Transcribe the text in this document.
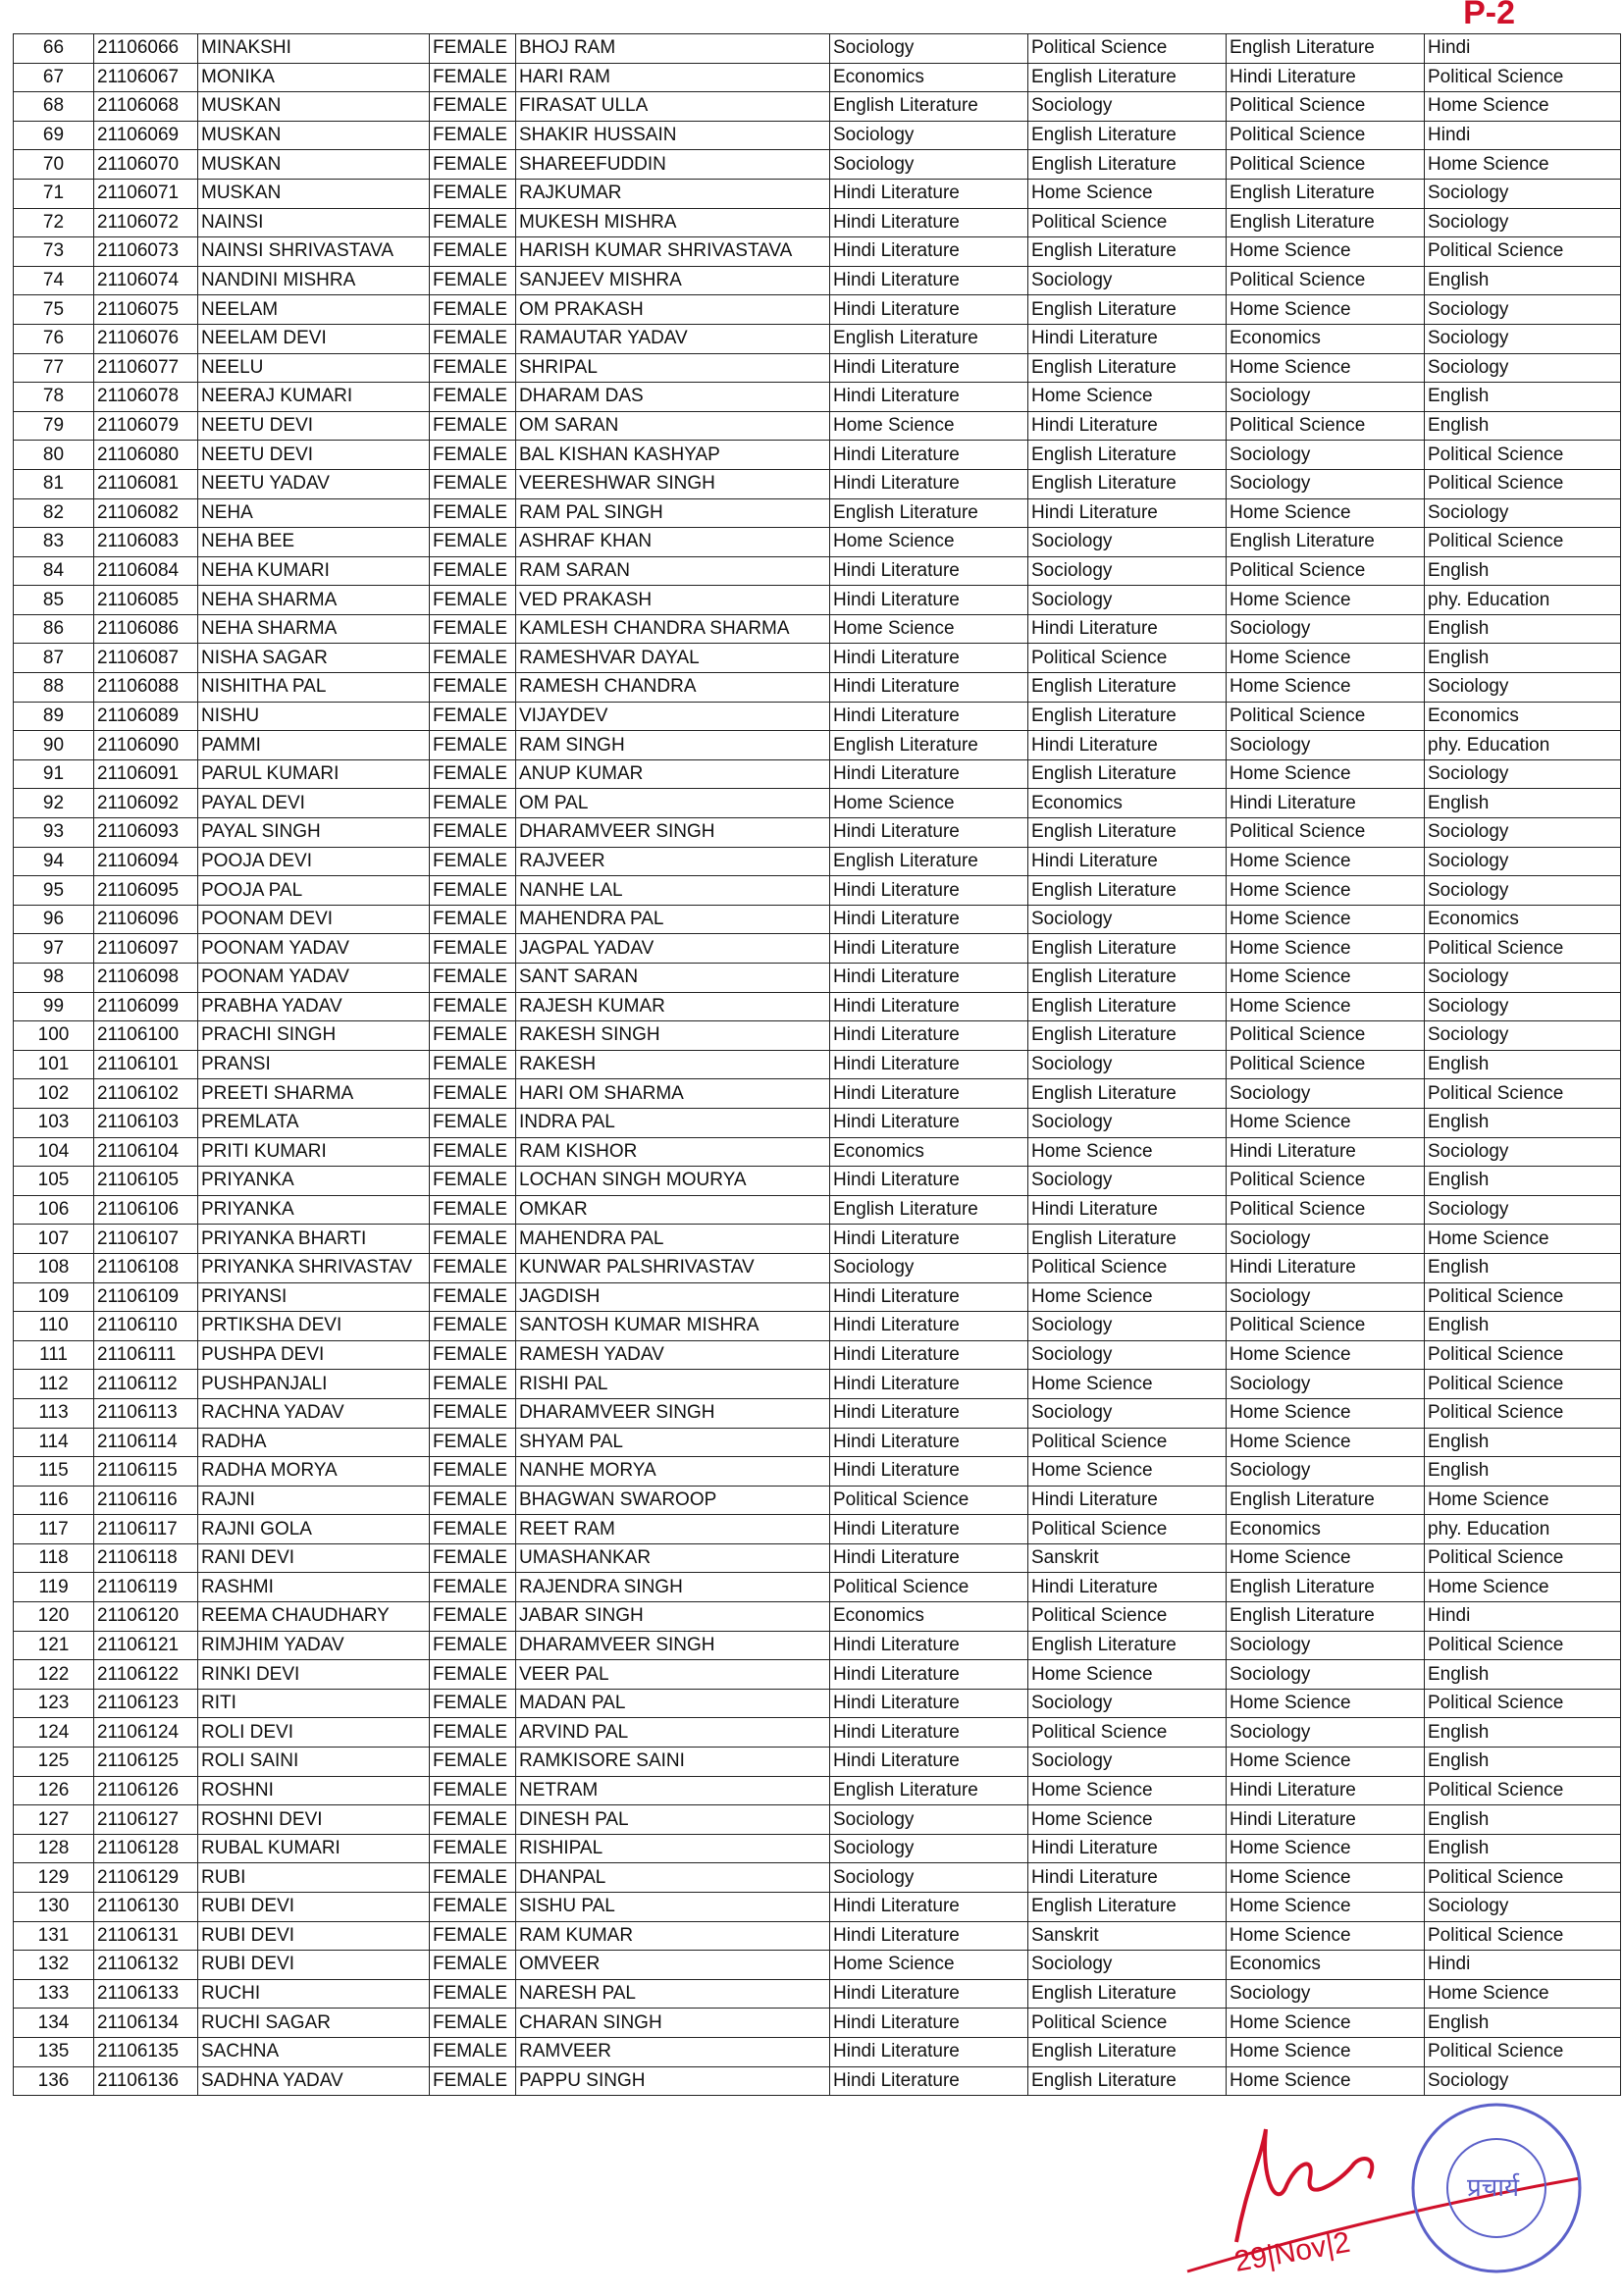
P-2
66	21106066	MINAKSHI	FEMALE	BHOJ RAM	Sociology	Political Science	English Literature	Hindi
67	21106067	MONIKA	FEMALE	HARI RAM	Economics	English Literature	Hindi Literature	Political Science
68	21106068	MUSKAN	FEMALE	FIRASAT ULLA	English Literature	Sociology	Political Science	Home Science
69	21106069	MUSKAN	FEMALE	SHAKIR HUSSAIN	Sociology	English Literature	Political Science	Hindi
70	21106070	MUSKAN	FEMALE	SHAREEFUDDIN	Sociology	English Literature	Political Science	Home Science
71	21106071	MUSKAN	FEMALE	RAJKUMAR	Hindi Literature	Home Science	English Literature	Sociology
72	21106072	NAINSI	FEMALE	MUKESH MISHRA	Hindi Literature	Political Science	English Literature	Sociology
73	21106073	NAINSI SHRIVASTAVA	FEMALE	HARISH KUMAR SHRIVASTAVA	Hindi Literature	English Literature	Home Science	Political Science
74	21106074	NANDINI MISHRA	FEMALE	SANJEEV MISHRA	Hindi Literature	Sociology	Political Science	English
75	21106075	NEELAM	FEMALE	OM PRAKASH	Hindi Literature	English Literature	Home Science	Sociology
76	21106076	NEELAM DEVI	FEMALE	RAMAUTAR YADAV	English Literature	Hindi Literature	Economics	Sociology
77	21106077	NEELU	FEMALE	SHRIPAL	Hindi Literature	English Literature	Home Science	Sociology
78	21106078	NEERAJ KUMARI	FEMALE	DHARAM DAS	Hindi Literature	Home Science	Sociology	English
79	21106079	NEETU DEVI	FEMALE	OM SARAN	Home Science	Hindi Literature	Political Science	English
80	21106080	NEETU DEVI	FEMALE	BAL KISHAN KASHYAP	Hindi Literature	English Literature	Sociology	Political Science
81	21106081	NEETU YADAV	FEMALE	VEERESHWAR SINGH	Hindi Literature	English Literature	Sociology	Political Science
82	21106082	NEHA	FEMALE	RAM PAL SINGH	English Literature	Hindi Literature	Home Science	Sociology
83	21106083	NEHA BEE	FEMALE	ASHRAF KHAN	Home Science	Sociology	English Literature	Political Science
84	21106084	NEHA KUMARI	FEMALE	RAM SARAN	Hindi Literature	Sociology	Political Science	English
85	21106085	NEHA SHARMA	FEMALE	VED PRAKASH	Hindi Literature	Sociology	Home Science	phy. Education
86	21106086	NEHA SHARMA	FEMALE	KAMLESH CHANDRA SHARMA	Home Science	Hindi Literature	Sociology	English
87	21106087	NISHA SAGAR	FEMALE	RAMESHVAR DAYAL	Hindi Literature	Political Science	Home Science	English
88	21106088	NISHITHA PAL	FEMALE	RAMESH CHANDRA	Hindi Literature	English Literature	Home Science	Sociology
89	21106089	NISHU	FEMALE	VIJAYDEV	Hindi Literature	English Literature	Political Science	Economics
90	21106090	PAMMI	FEMALE	RAM SINGH	English Literature	Hindi Literature	Sociology	phy. Education
91	21106091	PARUL KUMARI	FEMALE	ANUP KUMAR	Hindi Literature	English Literature	Home Science	Sociology
92	21106092	PAYAL DEVI	FEMALE	OM PAL	Home Science	Economics	Hindi Literature	English
93	21106093	PAYAL SINGH	FEMALE	DHARAMVEER SINGH	Hindi Literature	English Literature	Political Science	Sociology
94	21106094	POOJA DEVI	FEMALE	RAJVEER	English Literature	Hindi Literature	Home Science	Sociology
95	21106095	POOJA PAL	FEMALE	NANHE LAL	Hindi Literature	English Literature	Home Science	Sociology
96	21106096	POONAM DEVI	FEMALE	MAHENDRA PAL	Hindi Literature	Sociology	Home Science	Economics
97	21106097	POONAM YADAV	FEMALE	JAGPAL YADAV	Hindi Literature	English Literature	Home Science	Political Science
98	21106098	POONAM YADAV	FEMALE	SANT SARAN	Hindi Literature	English Literature	Home Science	Sociology
99	21106099	PRABHA YADAV	FEMALE	RAJESH KUMAR	Hindi Literature	English Literature	Home Science	Sociology
100	21106100	PRACHI SINGH	FEMALE	RAKESH SINGH	Hindi Literature	English Literature	Political Science	Sociology
101	21106101	PRANSI	FEMALE	RAKESH	Hindi Literature	Sociology	Political Science	English
102	21106102	PREETI SHARMA	FEMALE	HARI OM SHARMA	Hindi Literature	English Literature	Sociology	Political Science
103	21106103	PREMLATA	FEMALE	INDRA PAL	Hindi Literature	Sociology	Home Science	English
104	21106104	PRITI KUMARI	FEMALE	RAM KISHOR	Economics	Home Science	Hindi Literature	Sociology
105	21106105	PRIYANKA	FEMALE	LOCHAN SINGH MOURYA	Hindi Literature	Sociology	Political Science	English
106	21106106	PRIYANKA	FEMALE	OMKAR	English Literature	Hindi Literature	Political Science	Sociology
107	21106107	PRIYANKA BHARTI	FEMALE	MAHENDRA PAL	Hindi Literature	English Literature	Sociology	Home Science
108	21106108	PRIYANKA SHRIVASTAV	FEMALE	KUNWAR PALSHRIVASTAV	Sociology	Political Science	Hindi Literature	English
109	21106109	PRIYANSI	FEMALE	JAGDISH	Hindi Literature	Home Science	Sociology	Political Science
110	21106110	PRTIKSHA DEVI	FEMALE	SANTOSH KUMAR MISHRA	Hindi Literature	Sociology	Political Science	English
111	21106111	PUSHPA DEVI	FEMALE	RAMESH YADAV	Hindi Literature	Sociology	Home Science	Political Science
112	21106112	PUSHPANJALI	FEMALE	RISHI PAL	Hindi Literature	Home Science	Sociology	Political Science
113	21106113	RACHNA YADAV	FEMALE	DHARAMVEER SINGH	Hindi Literature	Sociology	Home Science	Political Science
114	21106114	RADHA	FEMALE	SHYAM PAL	Hindi Literature	Political Science	Home Science	English
115	21106115	RADHA MORYA	FEMALE	NANHE MORYA	Hindi Literature	Home Science	Sociology	English
116	21106116	RAJNI	FEMALE	BHAGWAN SWAROOP	Political Science	Hindi Literature	English Literature	Home Science
117	21106117	RAJNI GOLA	FEMALE	REET RAM	Hindi Literature	Political Science	Economics	phy. Education
118	21106118	RANI DEVI	FEMALE	UMASHANKAR	Hindi Literature	Sanskrit	Home Science	Political Science
119	21106119	RASHMI	FEMALE	RAJENDRA SINGH	Political Science	Hindi Literature	English Literature	Home Science
120	21106120	REEMA CHAUDHARY	FEMALE	JABAR SINGH	Economics	Political Science	English Literature	Hindi
121	21106121	RIMJHIM YADAV	FEMALE	DHARAMVEER SINGH	Hindi Literature	English Literature	Sociology	Political Science
122	21106122	RINKI DEVI	FEMALE	VEER PAL	Hindi Literature	Home Science	Sociology	English
123	21106123	RITI	FEMALE	MADAN PAL	Hindi Literature	Sociology	Home Science	Political Science
124	21106124	ROLI DEVI	FEMALE	ARVIND PAL	Hindi Literature	Political Science	Sociology	English
125	21106125	ROLI SAINI	FEMALE	RAMKISORE SAINI	Hindi Literature	Sociology	Home Science	English
126	21106126	ROSHNI	FEMALE	NETRAM	English Literature	Home Science	Hindi Literature	Political Science
127	21106127	ROSHNI DEVI	FEMALE	DINESH PAL	Sociology	Home Science	Hindi Literature	English
128	21106128	RUBAL KUMARI	FEMALE	RISHIPAL	Sociology	Hindi Literature	Home Science	English
129	21106129	RUBI	FEMALE	DHANPAL	Sociology	Hindi Literature	Home Science	Political Science
130	21106130	RUBI DEVI	FEMALE	SISHU PAL	Hindi Literature	English Literature	Home Science	Sociology
131	21106131	RUBI DEVI	FEMALE	RAM KUMAR	Hindi Literature	Sanskrit	Home Science	Political Science
132	21106132	RUBI DEVI	FEMALE	OMVEER	Home Science	Sociology	Economics	Hindi
133	21106133	RUCHI	FEMALE	NARESH PAL	Hindi Literature	English Literature	Sociology	Home Science
134	21106134	RUCHI SAGAR	FEMALE	CHARAN SINGH	Hindi Literature	Political Science	Home Science	English
135	21106135	SACHNA	FEMALE	RAMVEER	Hindi Literature	English Literature	Home Science	Political Science
136	21106136	SADHNA YADAV	FEMALE	PAPPU SINGH	Hindi Literature	English Literature	Home Science	Sociology
29|Nov|2
प्रचार्य
